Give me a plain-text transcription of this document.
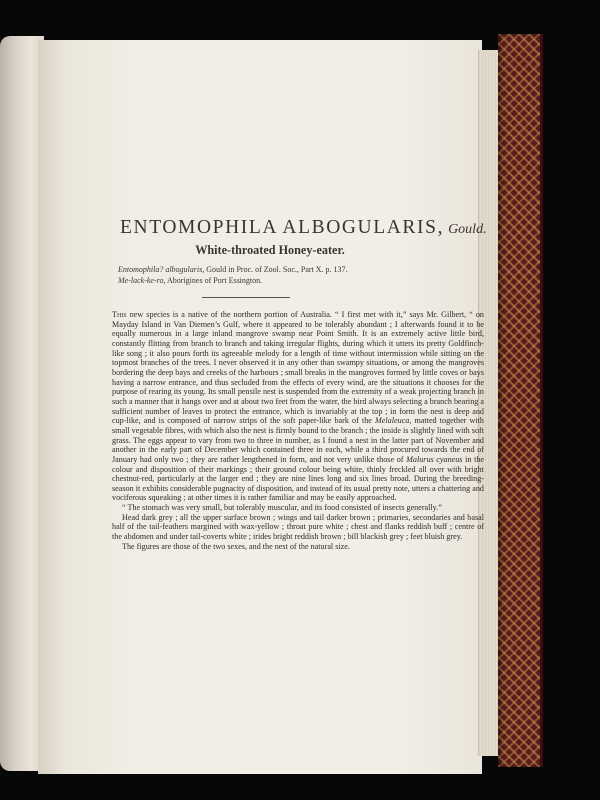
ENTOMOPHILA ALBOGULARIS, Gould.
White-throated Honey-eater.
Entomophila? albogularis, Gould in Proc. of Zool. Soc., Part X. p. 137.
Me-lack-ke-ro, Aborigines of Port Essington.

This new species is a native of the northern portion of Australia. “ I first met with it,” says Mr. Gilbert, “ on Mayday Island in Van Diemen’s Gulf, where it appeared to be tolerably abundant ; I afterwards found it to be equally numerous in a large inland mangrove swamp near Point Smith. It is an extremely active little bird, constantly flitting from branch to branch and taking irregular flights, during which it utters its pretty Goldfinch-like song ; it also pours forth its agreeable melody for a length of time without intermission while sitting on the topmost branches of the trees. I never observed it in any other than swampy situations, or among the mangroves bordering the deep bays and creeks of the harbours ; small breaks in the mangroves formed by little coves or bays having a narrow entrance, and thus secluded from the effects of every wind, are the situations it chooses for the purpose of rearing its young. Its small pensile nest is suspended from the extremity of a weak projecting branch in such a manner that it hangs over and at about two feet from the water, the bird always selecting a branch bearing a sufficient number of leaves to protect the entrance, which is invariably at the top ; in form the nest is deep and cup-like, and is composed of narrow strips of the soft paper-like bark of the Melaleuca, matted together with small vegetable fibres, with which also the nest is firmly bound to the branch ; the inside is slightly lined with soft grass. The eggs appear to vary from two to three in number, as I found a nest in the latter part of November and another in the early part of December which contained three in each, while a third procured towards the end of January had only two ; they are rather lengthened in form, and not very unlike those of Malurus cyaneus in the colour and disposition of their markings ; their ground colour being white, thinly freckled all over with bright chestnut-red, particularly at the larger end ; they are nine lines long and six lines broad. During the breeding-season it exhibits considerable pugnacity of disposition, and instead of its usual pretty note, utters a chattering and vociferous squeaking ; at other times it is rather familiar and may be easily approached.

“ The stomach was very small, but tolerably muscular, and its food consisted of insects generally.”

Head dark grey ; all the upper surface brown ; wings and tail darker brown ; primaries, secondaries and basal half of the tail-feathers margined with wax-yellow ; throat pure white ; chest and flanks reddish buff ; centre of the abdomen and under tail-coverts white ; irides bright reddish brown ; bill blackish grey ; feet bluish grey.

The figures are those of the two sexes, and the nest of the natural size.
